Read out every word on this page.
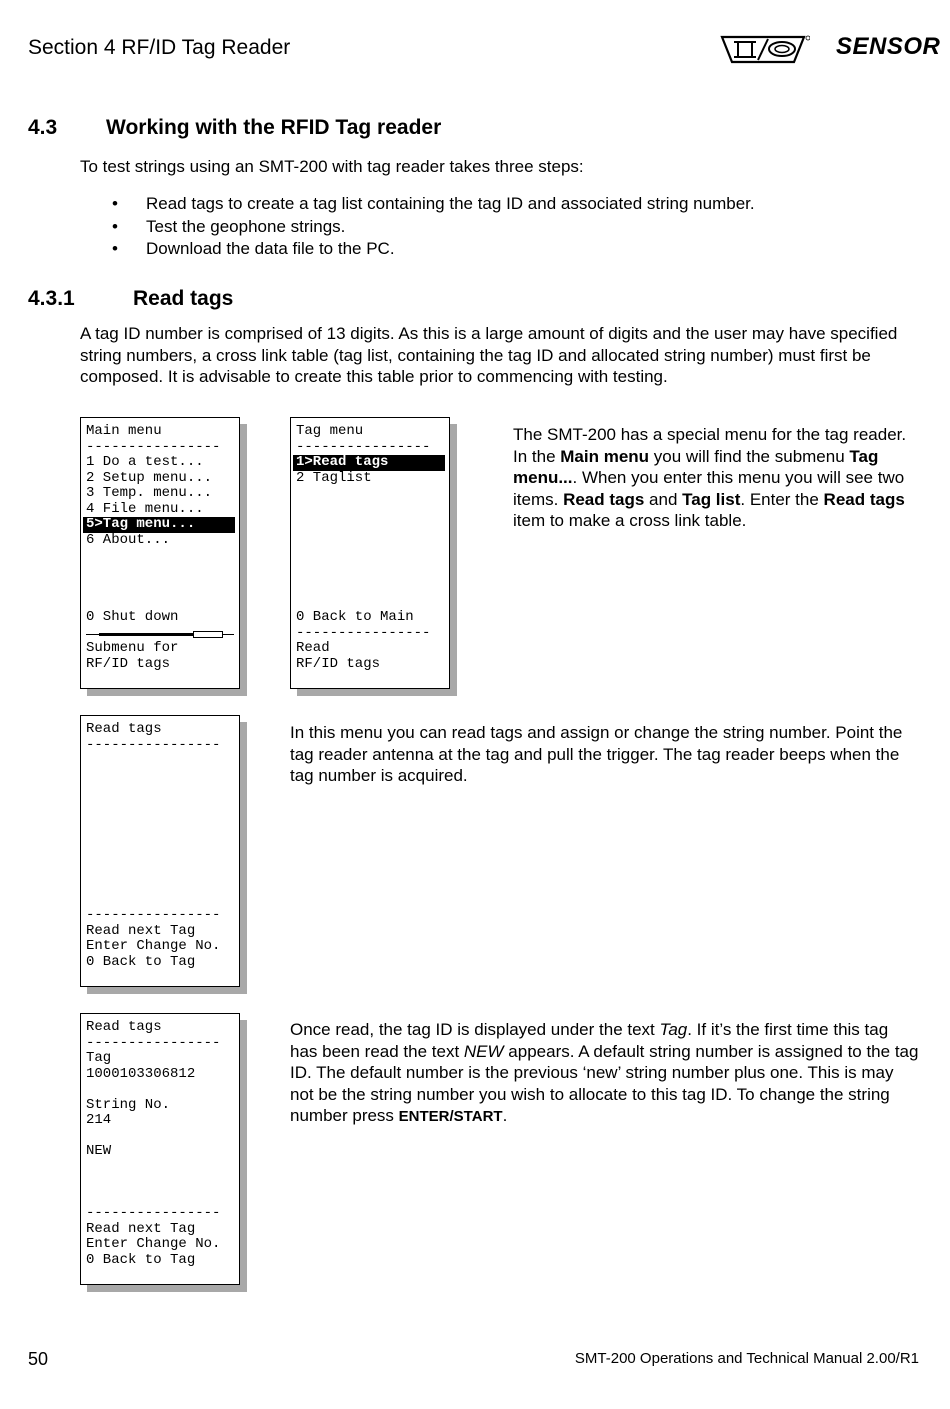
Section 4 RF/ID Tag Reader	SENSOR
4.3 Working with the RFID Tag reader

To test strings using an SMT-200 with tag reader takes three steps:

• Read tags to create a tag list containing the tag ID and associated string number.
• Test the geophone strings.
• Download the data file to the PC.
4.3.1	Read tags

A tag ID number is comprised of 13 digits. As this is a large amount of digits and the user may have specified string numbers, a cross link table (tag list, containing the tag ID and allocated string number) must first be composed. It is advisable to create this table prior to commencing with testing.

Main menu
----------------
1 Do a test...
2 Setup menu...
3 Temp. menu...
4 File menu...
5>Tag menu...
6 About...
0 Shut down
Submenu for
RF/ID tags
Tag menu
----------------
1>Read tags
2 Taglist
0 Back to Main
----------------
Read
RF/ID tags

The SMT-200 has a special menu for the tag reader. In the Main menu you will find the submenu Tag menu.... When you enter this menu you will see two items. Read tags and Tag list. Enter the Read tags item to make a cross link table.

Read tags
----------------
----------------
Read next Tag
Enter Change No.
0 Back to Tag

In this menu you can read tags and assign or change the string number. Point the tag reader antenna at the tag and pull the trigger. The tag reader beeps when the tag number is acquired.

Read tags
----------------
Tag
1000103306812
String No.
214
NEW
----------------
Read next Tag
Enter Change No.
0 Back to Tag

Once read, the tag ID is displayed under the text Tag. If it’s the first time this tag has been read the text NEW appears. A default string number is assigned to the tag ID. The default number is the previous ‘new’ string number plus one. This is may not be the string number you wish to allocate to this tag ID. To change the string number press ENTER/START.

50	SMT-200 Operations and Technical Manual 2.00/R1
